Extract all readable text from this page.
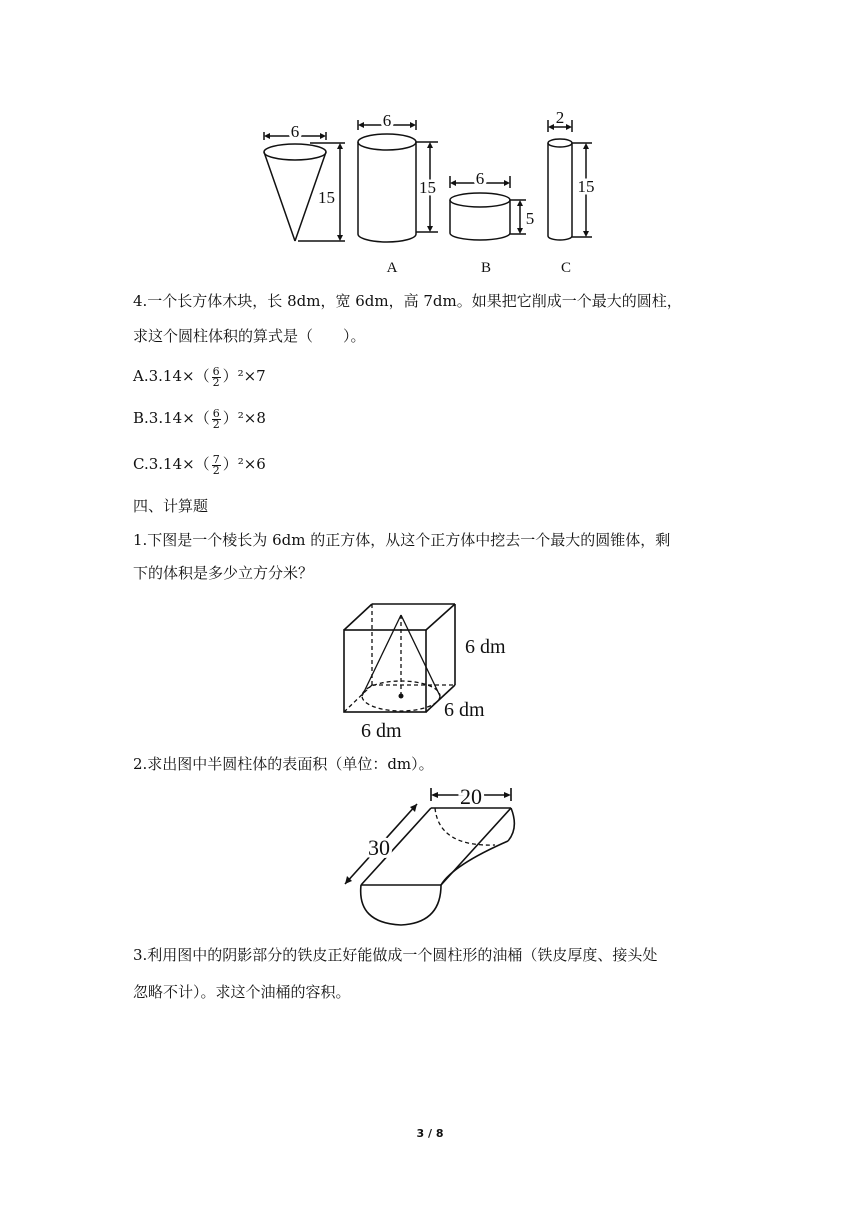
6
15
6
15 6
5
2
15
A	B	C
4.一个长方体木块，长 8dm，宽 6dm，高 7dm。如果把它削成一个最大的圆柱，
求这个圆柱体积的算式是（　　）。
$A.3.14\times( \frac{6}{2} )^2\times 7$
$B.3.14\times( \frac{6}{2} )^2\times 8$
$C.3.14\times( \frac{7}{2} )^2\times 6$
四、计算题
1.下图是一个棱长为 6dm 的正方体，从这个正方体中挖去一个最大的圆锥体，剩
下的体积是多少立方分米？
6 dm
6 dm
6 dm
2.求出图中半圆柱体的表面积（单位：dm）。
20
30
3.利用图中的阴影部分的铁皮正好能做成一个圆柱形的油桶（铁皮厚度、接头处
忽略不计）。求这个油桶的容积。
3 / 8
